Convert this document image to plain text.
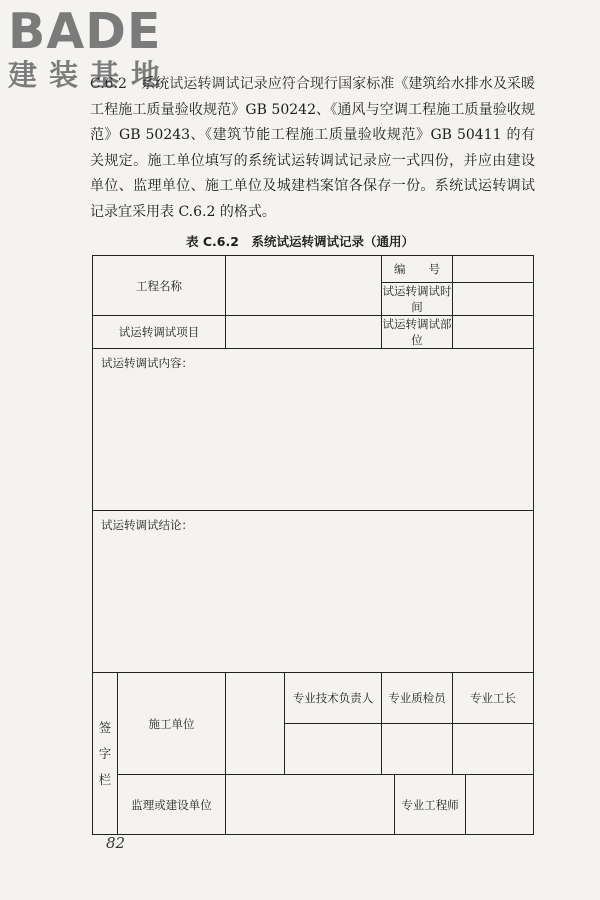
BADE
建装基地
C.6.2　系统试运转调试记录应符合现行国家标准《建筑给水排水及采暖工程施工质量验收规范》GB 50242、《通风与空调工程施工质量验收规范》GB 50243、《建筑节能工程施工质量验收规范》GB 50411 的有关规定。施工单位填写的系统试运转调试记录应一式四份，并应由建设单位、监理单位、施工单位及城建档案馆各保存一份。系统试运转调试记录宜采用表 C.6.2 的格式。
表 C.6.2　系统试运转调试记录（通用）
工程名称				编　　号			
				试运转调试时间			
试运转调试项目				试运转调试部位			
试运转调试内容：							
试运转调试结论：							
签字栏	施工单位		专业技术负责人	专业质检员		专业工长	

	监理或建设单位				专业工程师		
82
